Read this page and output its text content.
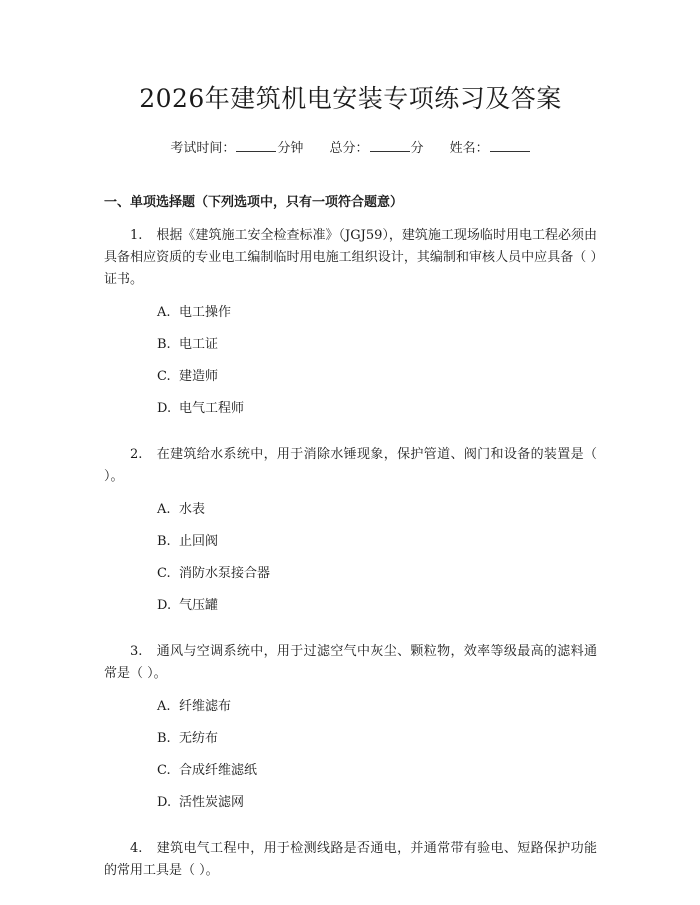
2026年建筑机电安装专项练习及答案
考试时间：	分钟 总分：	分 姓名：
一、单项选择题（下列选项中，只有一项符合题意）

1. 根据《建筑施工安全检查标准》（JGJ59），建筑施工现场临时用电工程必须由具备相应资质的专业电工编制临时用电施工组织设计，其编制和审核人员中应具备（ ）证书。

A. 电工操作
B. 电工证
C. 建造师
D. 电气工程师

2. 在建筑给水系统中，用于消除水锤现象，保护管道、阀门和设备的装置是（ ）。

A. 水表
B. 止回阀
C. 消防水泵接合器
D. 气压罐

3. 通风与空调系统中，用于过滤空气中灰尘、颗粒物，效率等级最高的滤料通常是（ ）。

A. 纤维滤布
B. 无纺布
C. 合成纤维滤纸
D. 活性炭滤网

4. 建筑电气工程中，用于检测线路是否通电，并通常带有验电、短路保护功能的常用工具是（ ）。
